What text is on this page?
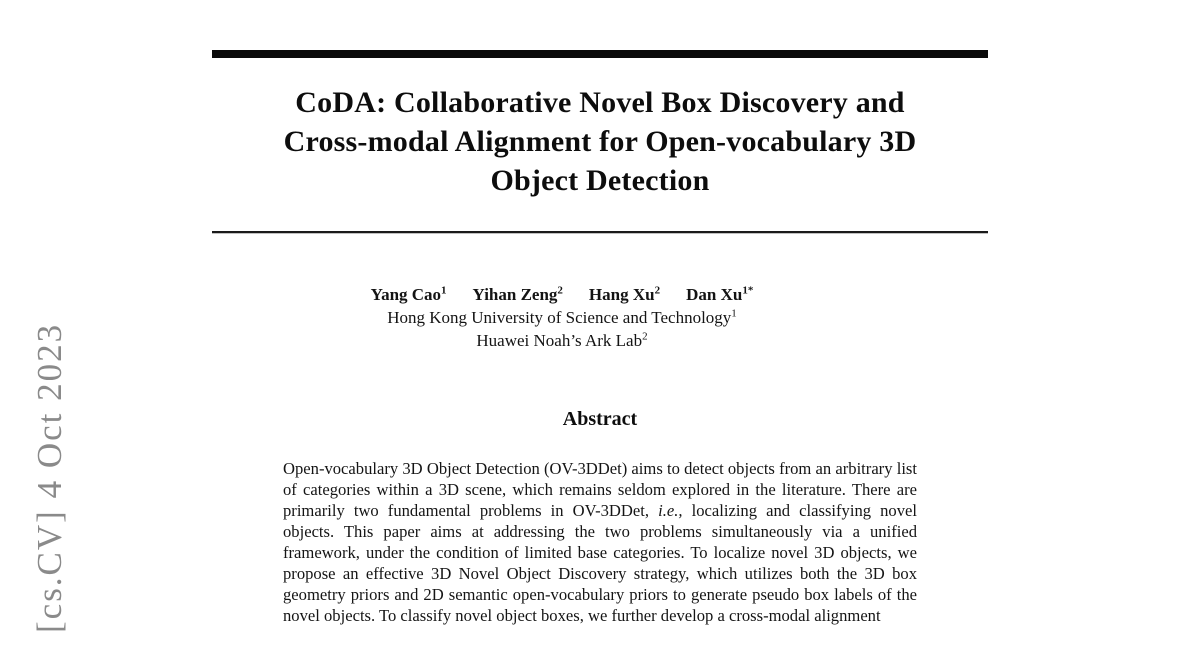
[cs.CV] 4 Oct 2023
CoDA: Collaborative Novel Box Discovery and
Cross-modal Alignment for Open-vocabulary 3D
Object Detection
Yang Cao$^1$ Yihan Zeng$^2$ Hang Xu$^2$ Dan $Xu^{1*}$
Hong Kong University of Science and Technology$^1$
Huawei Noah’s Ark Lab$^2$
Abstract
Open-vocabulary 3D Object Detection (OV-3DDet) aims to detect objects from an arbitrary list of categories within a 3D scene, which remains seldom explored in the literature. There are primarily two fundamental problems in OV-3DDet, i.e., localizing and classifying novel objects. This paper aims at addressing the two problems simultaneously via a unified framework, under the condition of limited base categories. To localize novel 3D objects, we propose an effective 3D Novel Object Discovery strategy, which utilizes both the 3D box geometry priors and 2D semantic open-vocabulary priors to generate pseudo box labels of the novel objects. To classify novel object boxes, we further develop a cross-modal alignment
